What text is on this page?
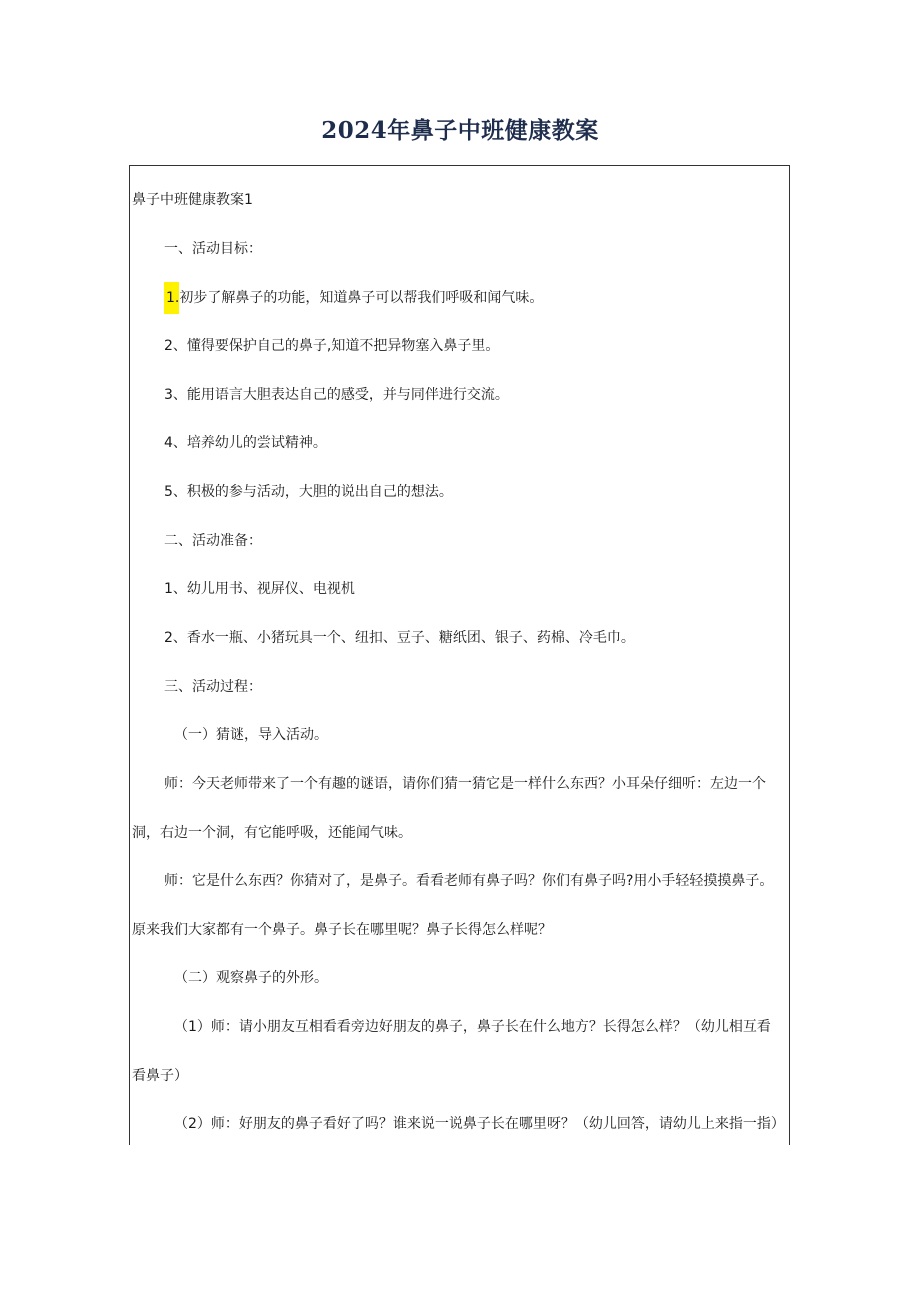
2024年鼻子中班健康教案
鼻子中班健康教案1
一、活动目标：
1.初步了解鼻子的功能，知道鼻子可以帮我们呼吸和闻气味。
2、懂得要保护自己的鼻子,知道不把异物塞入鼻子里。
3、能用语言大胆表达自己的感受，并与同伴进行交流。
4、培养幼儿的尝试精神。
5、积极的参与活动，大胆的说出自己的想法。
二、活动准备：
1、幼儿用书、视屏仪、电视机
2、香水一瓶、小猪玩具一个、纽扣、豆子、糖纸团、银子、药棉、冷毛巾。
三、活动过程：
（一）猜谜，导入活动。
师：今天老师带来了一个有趣的谜语，请你们猜一猜它是一样什么东西？小耳朵仔细听：左边一个
洞，右边一个洞，有它能呼吸，还能闻气味。
师：它是什么东西？你猜对了，是鼻子。看看老师有鼻子吗？你们有鼻子吗?用小手轻轻摸摸鼻子。
原来我们大家都有一个鼻子。鼻子长在哪里呢？鼻子长得怎么样呢？
（二）观察鼻子的外形。
（1）师：请小朋友互相看看旁边好朋友的鼻子，鼻子长在什么地方？长得怎么样？（幼儿相互看
看鼻子）
（2）师：好朋友的鼻子看好了吗？谁来说一说鼻子长在哪里呀？（幼儿回答，请幼儿上来指一指）
